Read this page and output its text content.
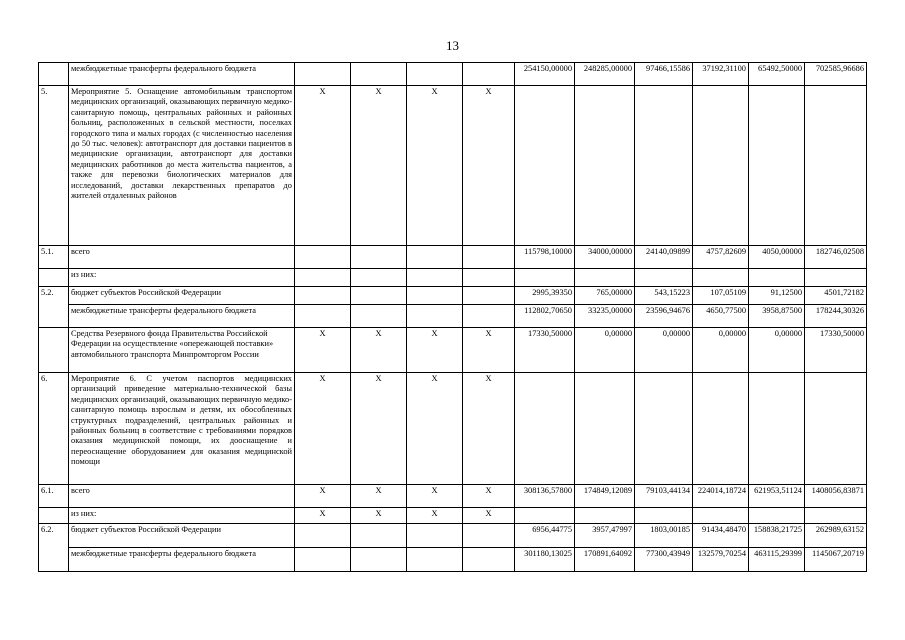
13
	межбюджетные трансферты федерального бюджета					254150,00000	248285,00000	97466,15586	37192,31100	65492,50000	702585,96686
5.	Мероприятие 5. Оснащение автомобильным транспортом медицинских организаций, оказывающих первичную медико-санитарную помощь, центральных районных и районных больниц, расположенных в сельской местности, поселках городского типа и малых городах (с численностью населения до 50 тыс. человек): автотранспорт для доставки пациентов в медицинские организации, автотранспорт для доставки медицинских работников до места жительства пациентов, а также для перевозки биологических материалов для исследований, доставки лекарственных препаратов до жителей отдаленных районов	X	X	X	X						
5.1.	всего					115798,10000	34000,00000	24140,09899	4757,82609	4050,00000	182746,02508
	из них:										
5.2.	бюджет субъектов Российской Федерации					2995,39350	765,00000	543,15223	107,05109	91,12500	4501,72182
	межбюджетные трансферты федерального бюджета					112802,70650	33235,00000	23596,94676	4650,77500	3958,87500	178244,30326
	Средства Резервного фонда Правительства Российской Федерации на осуществление «опережающей поставки» автомобильного транспорта Минпромторгом России	X	X	X	X	17330,50000	0,00000	0,00000	0,00000	0,00000	17330,50000
6.	Мероприятие 6. С учетом паспортов медицинских организаций приведение материально-технической базы медицинских организаций, оказывающих первичную медико-санитарную помощь взрослым и детям, их обособленных структурных подразделений, центральных районных и районных больниц в соответствие с требованиями порядков оказания медицинской помощи, их дооснащение и переоснащение оборудованием для оказания медицинской помощи	X	X	X	X						
6.1.	всего	X	X	X	X	308136,57800	174849,12089	79103,44134	224014,18724	621953,51124	1408056,83871
	из них:	X	X	X	X						
6.2.	бюджет субъектов Российской Федерации					6956,44775	3957,47997	1803,00185	91434,48470	158838,21725	262989,63152
	межбюджетные трансферты федерального бюджета					301180,13025	170891,64092	77300,43949	132579,70254	463115,29399	1145067,20719
